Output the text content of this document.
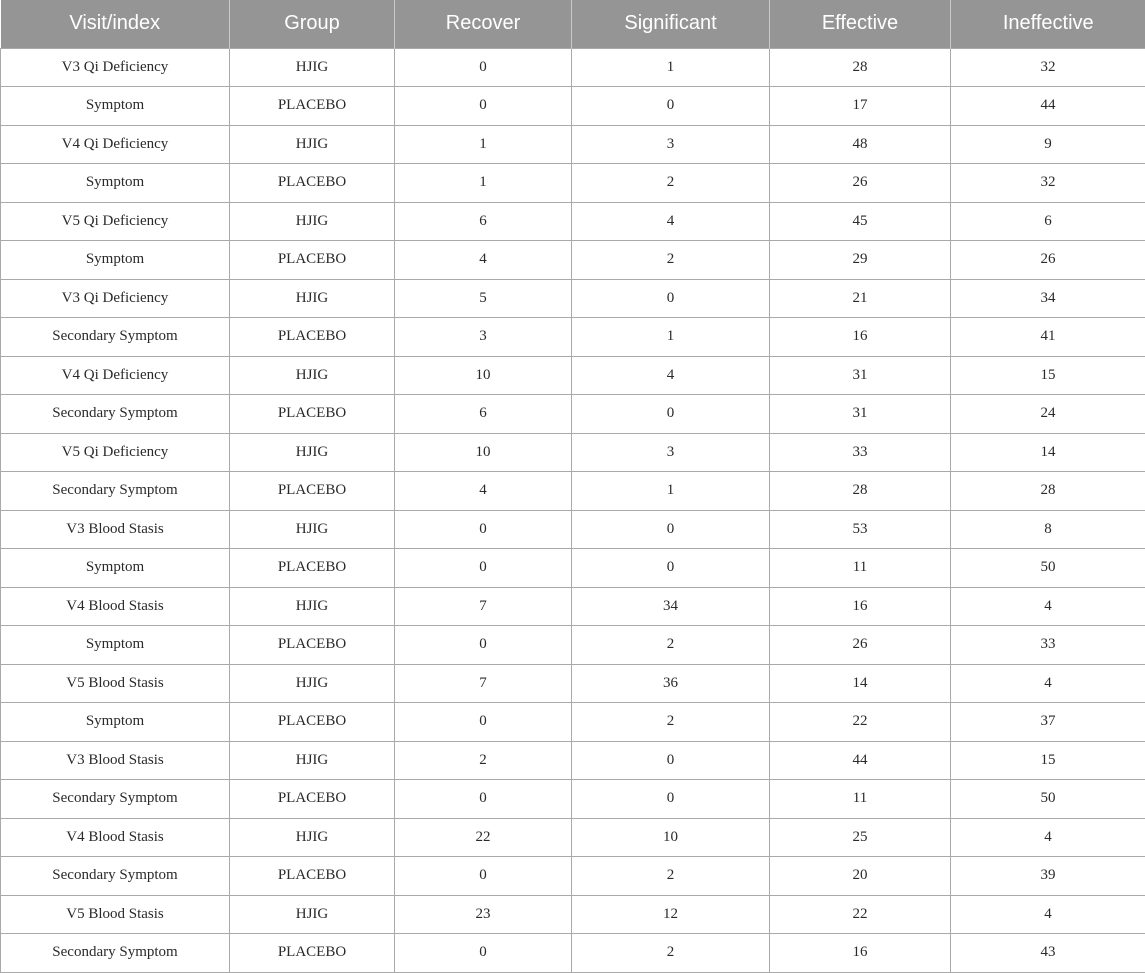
Visit/index	Group	Recover	Significant	Effective	Ineffective
V3 Qi Deficiency	HJIG	0	1	28	32
Symptom	PLACEBO	0	0	17	44
V4 Qi Deficiency	HJIG	1	3	48	9
Symptom	PLACEBO	1	2	26	32
V5 Qi Deficiency	HJIG	6	4	45	6
Symptom	PLACEBO	4	2	29	26
V3 Qi Deficiency	HJIG	5	0	21	34
Secondary Symptom	PLACEBO	3	1	16	41
V4 Qi Deficiency	HJIG	10	4	31	15
Secondary Symptom	PLACEBO	6	0	31	24
V5 Qi Deficiency	HJIG	10	3	33	14
Secondary Symptom	PLACEBO	4	1	28	28
V3 Blood Stasis	HJIG	0	0	53	8
Symptom	PLACEBO	0	0	11	50
V4 Blood Stasis	HJIG	7	34	16	4
Symptom	PLACEBO	0	2	26	33
V5 Blood Stasis	HJIG	7	36	14	4
Symptom	PLACEBO	0	2	22	37
V3 Blood Stasis	HJIG	2	0	44	15
Secondary Symptom	PLACEBO	0	0	11	50
V4 Blood Stasis	HJIG	22	10	25	4
Secondary Symptom	PLACEBO	0	2	20	39
V5 Blood Stasis	HJIG	23	12	22	4
Secondary Symptom	PLACEBO	0	2	16	43
